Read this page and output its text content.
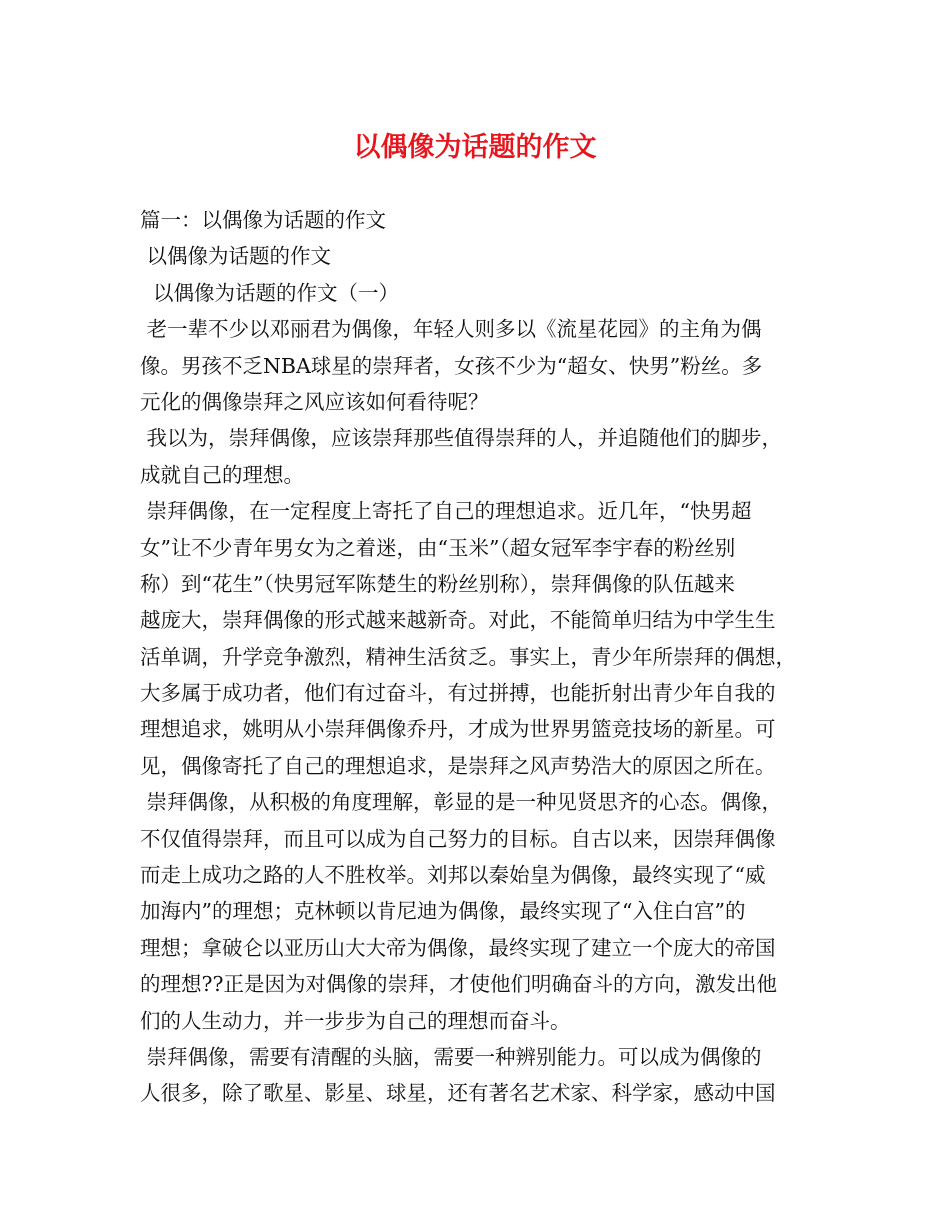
以偶像为话题的作文
篇一：以偶像为话题的作文
以偶像为话题的作文
以偶像为话题的作文（一）
老一辈不少以邓丽君为偶像，年轻人则多以《流星花园》的主角为偶
像。男孩不乏NBA球星的崇拜者，女孩不少为“超女、快男”粉丝。多
元化的偶像崇拜之风应该如何看待呢？
我以为，崇拜偶像，应该崇拜那些值得崇拜的人，并追随他们的脚步，
成就自己的理想。
崇拜偶像，在一定程度上寄托了自己的理想追求。近几年，“快男超
女”让不少青年男女为之着迷，由“玉米”（超女冠军李宇春的粉丝别
称）到“花生”（快男冠军陈楚生的粉丝别称），崇拜偶像的队伍越来
越庞大，崇拜偶像的形式越来越新奇。对此，不能简单归结为中学生生
活单调，升学竞争激烈，精神生活贫乏。事实上，青少年所崇拜的偶想，
大多属于成功者，他们有过奋斗，有过拼搏，也能折射出青少年自我的
理想追求，姚明从小崇拜偶像乔丹，才成为世界男篮竞技场的新星。可
见，偶像寄托了自己的理想追求，是崇拜之风声势浩大的原因之所在。
崇拜偶像，从积极的角度理解，彰显的是一种见贤思齐的心态。偶像，
不仅值得崇拜，而且可以成为自己努力的目标。自古以来，因崇拜偶像
而走上成功之路的人不胜枚举。刘邦以秦始皇为偶像，最终实现了“威
加海内”的理想；克林顿以肯尼迪为偶像，最终实现了“入住白宫”的
理想；拿破仑以亚历山大大帝为偶像，最终实现了建立一个庞大的帝国
的理想??正是因为对偶像的崇拜，才使他们明确奋斗的方向，激发出他
们的人生动力，并一步步为自己的理想而奋斗。
崇拜偶像，需要有清醒的头脑，需要一种辨别能力。可以成为偶像的
人很多，除了歌星、影星、球星，还有著名艺术家、科学家，感动中国
